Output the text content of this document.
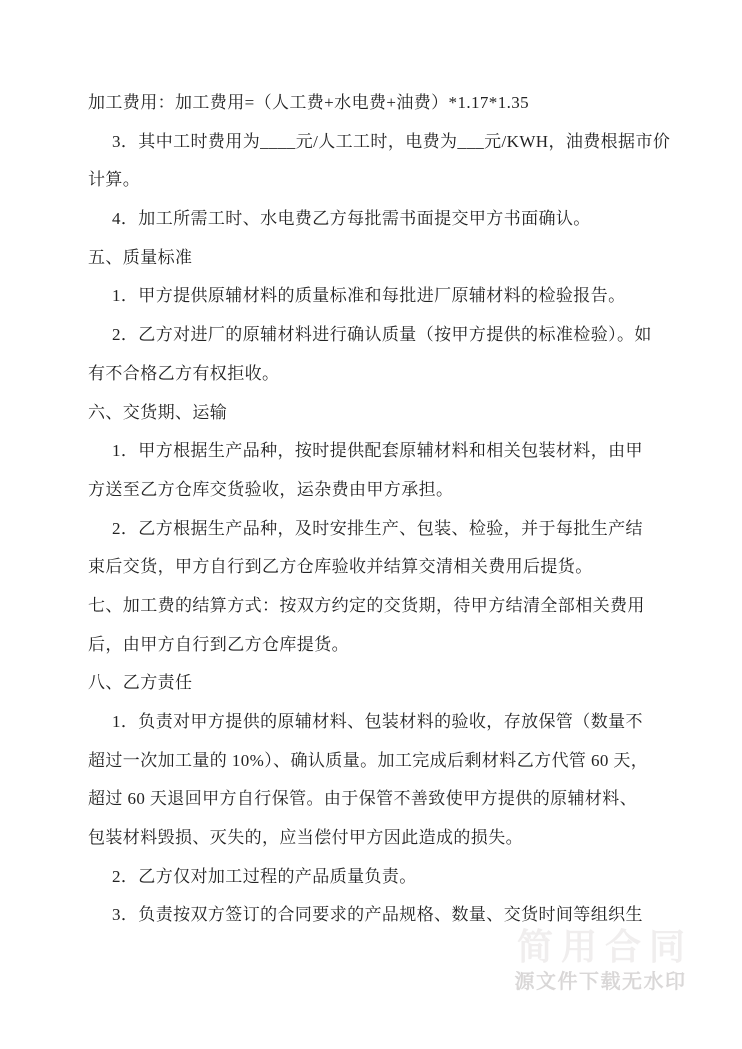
加工费用：加工费用=（人工费+水电费+油费）*1.17*1.35
3．其中工时费用为____元/人工工时，电费为___元/KWH，油费根据市价
计算。
4．加工所需工时、水电费乙方每批需书面提交甲方书面确认。
五、质量标准
1．甲方提供原辅材料的质量标准和每批进厂原辅材料的检验报告。
2．乙方对进厂的原辅材料进行确认质量（按甲方提供的标准检验）。如
有不合格乙方有权拒收。
六、交货期、运输
1．甲方根据生产品种，按时提供配套原辅材料和相关包装材料，由甲
方送至乙方仓库交货验收，运杂费由甲方承担。
2．乙方根据生产品种，及时安排生产、包装、检验，并于每批生产结
束后交货，甲方自行到乙方仓库验收并结算交清相关费用后提货。
七、加工费的结算方式：按双方约定的交货期，待甲方结清全部相关费用
后，由甲方自行到乙方仓库提货。
八、乙方责任
1．负责对甲方提供的原辅材料、包装材料的验收，存放保管（数量不
超过一次加工量的 10%）、确认质量。加工完成后剩材料乙方代管 60 天，
超过 60 天退回甲方自行保管。由于保管不善致使甲方提供的原辅材料、
包装材料毁损、灭失的，应当偿付甲方因此造成的损失。
2．乙方仅对加工过程的产品质量负责。
3．负责按双方签订的合同要求的产品规格、数量、交货时间等组织生
简用合同
源文件下载无水印
